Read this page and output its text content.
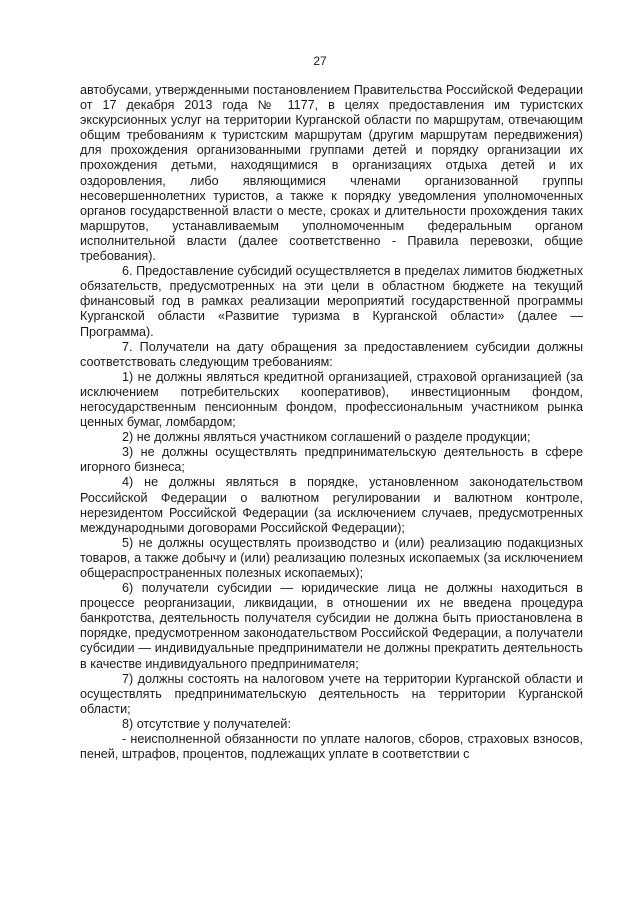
27

автобусами, утвержденными постановлением Правительства Российской Федерации от 17 декабря 2013 года № 1177, в целях предоставления им туристских экскурсионных услуг на территории Курганской области по маршрутам, отвечающим общим требованиям к туристским маршрутам (другим маршрутам передвижения) для прохождения организованными группами детей и порядку организации их прохождения детьми, находящимися в организациях отдыха детей и их оздоровления, либо являющимися членами организованной группы несовершеннолетних туристов, а также к порядку уведомления уполномоченных органов государственной власти о месте, сроках и длительности прохождения таких маршрутов, устанавливаемым уполномоченным федеральным органом исполнительной власти (далее соответственно - Правила перевозки, общие требования).

6. Предоставление субсидий осуществляется в пределах лимитов бюджетных обязательств, предусмотренных на эти цели в областном бюджете на текущий финансовый год в рамках реализации мероприятий государственной программы Курганской области «Развитие туризма в Курганской области» (далее — Программа).

7. Получатели на дату обращения за предоставлением субсидии должны соответствовать следующим требованиям:

1) не должны являться кредитной организацией, страховой организацией (за исключением потребительских кооперативов), инвестиционным фондом, негосударственным пенсионным фондом, профессиональным участником рынка ценных бумаг, ломбардом;

2) не должны являться участником соглашений о разделе продукции;

3) не должны осуществлять предпринимательскую деятельность в сфере игорного бизнеса;

4) не должны являться в порядке, установленном законодательством Российской Федерации о валютном регулировании и валютном контроле, нерезидентом Российской Федерации (за исключением случаев, предусмотренных международными договорами Российской Федерации);

5) не должны осуществлять производство и (или) реализацию подакцизных товаров, а также добычу и (или) реализацию полезных ископаемых (за исключением общераспространенных полезных ископаемых);

6) получатели субсидии — юридические лица не должны находиться в процессе реорганизации, ликвидации, в отношении их не введена процедура банкротства, деятельность получателя субсидии не должна быть приостановлена в порядке, предусмотренном законодательством Российской Федерации, а получатели субсидии — индивидуальные предприниматели не должны прекратить деятельность в качестве индивидуального предпринимателя;

7) должны состоять на налоговом учете на территории Курганской области и осуществлять предпринимательскую деятельность на территории Курганской области;

8) отсутствие у получателей:

- неисполненной обязанности по уплате налогов, сборов, страховых взносов, пеней, штрафов, процентов, подлежащих уплате в соответствии с
